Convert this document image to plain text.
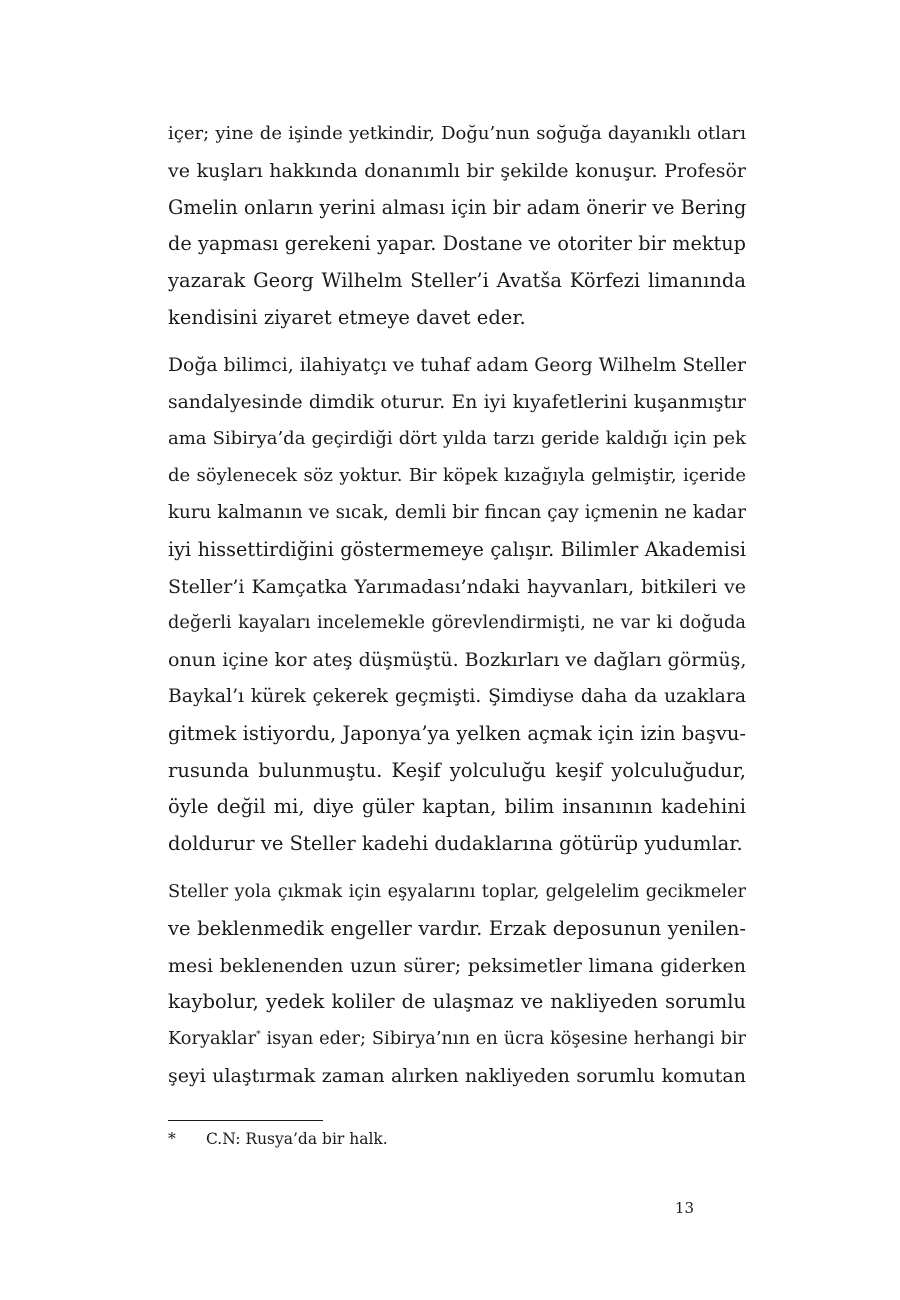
içer; yine de işinde yetkindir, Doğu’nun soğuğa dayanıklı otları
ve kuşları hakkında donanımlı bir şekilde konuşur. Profesör
Gmelin onların yerini alması için bir adam önerir ve Bering
de yapması gerekeni yapar. Dostane ve otoriter bir mektup
yazarak Georg Wilhelm Steller’i Avatša Körfezi limanında
kendisini ziyaret etmeye davet eder.

Doğa bilimci, ilahiyatçı ve tuhaf adam Georg Wilhelm Steller
sandalyesinde dimdik oturur. En iyi kıyafetlerini kuşanmıştır
ama Sibirya’da geçirdiği dört yılda tarzı geride kaldığı için pek
de söylenecek söz yoktur. Bir köpek kızağıyla gelmiştir, içeride
kuru kalmanın ve sıcak, demli bir fincan çay içmenin ne kadar
iyi hissettirdiğini göstermemeye çalışır. Bilimler Akademisi
Steller’i Kamçatka Yarımadası’ndaki hayvanları, bitkileri ve
değerli kayaları incelemekle görevlendirmişti, ne var ki doğuda
onun içine kor ateş düşmüştü. Bozkırları ve dağları görmüş,
Baykal’ı kürek çekerek geçmişti. Şimdiyse daha da uzaklara
gitmek istiyordu, Japonya’ya yelken açmak için izin başvu-
rusunda bulunmuştu. Keşif yolculuğu keşif yolculuğudur,
öyle değil mi, diye güler kaptan, bilim insanının kadehini
doldurur ve Steller kadehi dudaklarına götürüp yudumlar.

Steller yola çıkmak için eşyalarını toplar, gelgelelim gecikmeler
ve beklenmedik engeller vardır. Erzak deposunun yenilen-
mesi beklenenden uzun sürer; peksimetler limana giderken
kaybolur, yedek koliler de ulaşmaz ve nakliyeden sorumlu
Koryaklar* isyan eder; Sibirya’nın en ücra köşesine herhangi bir
şeyi ulaştırmak zaman alırken nakliyeden sorumlu komutan

* C.N: Rusya’da bir halk.
13
